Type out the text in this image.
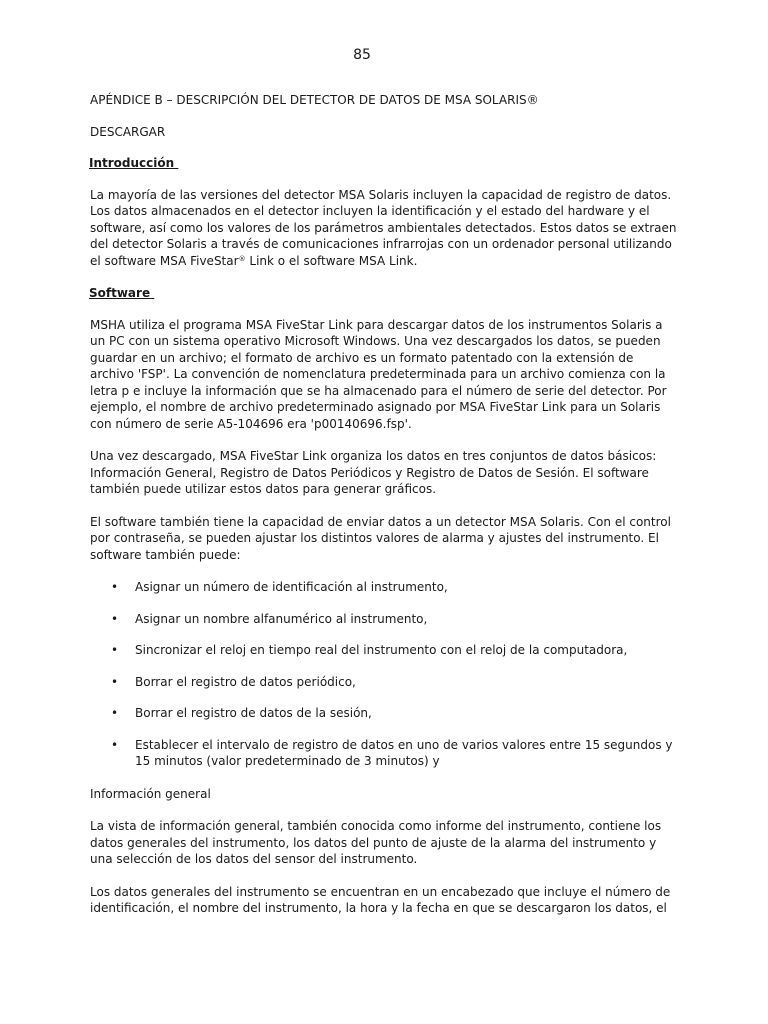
85

APÉNDICE B – DESCRIPCIÓN DEL DETECTOR DE DATOS DE MSA SOLARIS®

DESCARGAR

Introducción

La mayoría de las versiones del detector MSA Solaris incluyen la capacidad de registro de datos. Los datos almacenados en el detector incluyen la identificación y el estado del hardware y el software, así como los valores de los parámetros ambientales detectados. Estos datos se extraen del detector Solaris a través de comunicaciones infrarrojas con un ordenador personal utilizando el software MSA FiveStar® Link o el software MSA Link.

Software

MSHA utiliza el programa MSA FiveStar Link para descargar datos de los instrumentos Solaris a un PC con un sistema operativo Microsoft Windows. Una vez descargados los datos, se pueden guardar en un archivo; el formato de archivo es un formato patentado con la extensión de archivo 'FSP'. La convención de nomenclatura predeterminada para un archivo comienza con la letra p e incluye la información que se ha almacenado para el número de serie del detector. Por ejemplo, el nombre de archivo predeterminado asignado por MSA FiveStar Link para un Solaris con número de serie A5-104696 era 'p00140696.fsp'.

Una vez descargado, MSA FiveStar Link organiza los datos en tres conjuntos de datos básicos: Información General, Registro de Datos Periódicos y Registro de Datos de Sesión. El software también puede utilizar estos datos para generar gráficos.

El software también tiene la capacidad de enviar datos a un detector MSA Solaris. Con el control por contraseña, se pueden ajustar los distintos valores de alarma y ajustes del instrumento. El software también puede:

• Asignar un número de identificación al instrumento,
• Asignar un nombre alfanumérico al instrumento,
• Sincronizar el reloj en tiempo real del instrumento con el reloj de la computadora,
• Borrar el registro de datos periódico,
• Borrar el registro de datos de la sesión,
• Establecer el intervalo de registro de datos en uno de varios valores entre 15 segundos y 15 minutos (valor predeterminado de 3 minutos) y

Información general

La vista de información general, también conocida como informe del instrumento, contiene los datos generales del instrumento, los datos del punto de ajuste de la alarma del instrumento y una selección de los datos del sensor del instrumento.

Los datos generales del instrumento se encuentran en un encabezado que incluye el número de identificación, el nombre del instrumento, la hora y la fecha en que se descargaron los datos, el
